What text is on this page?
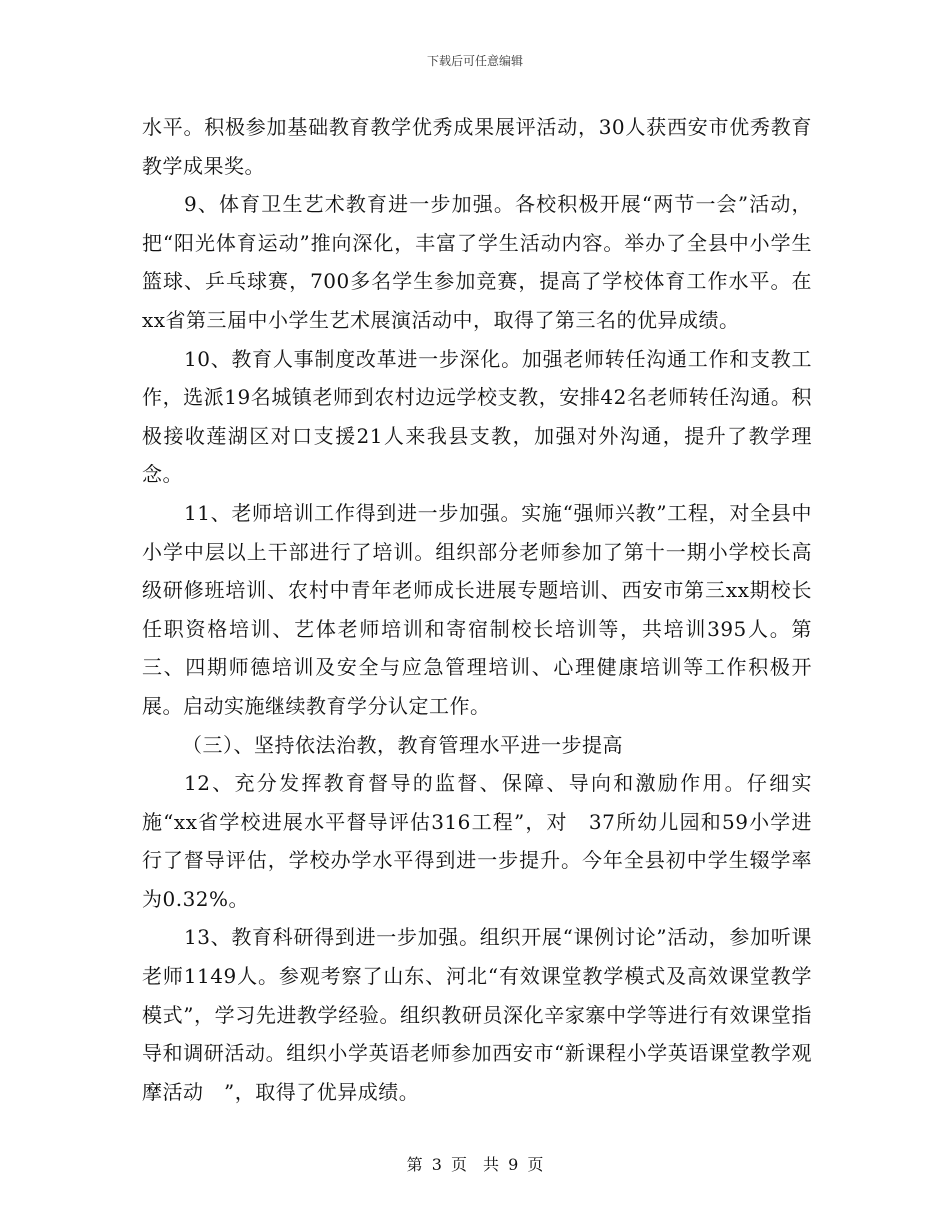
下载后可任意编辑

水平。积极参加基础教育教学优秀成果展评活动，30人获西安市优秀教育教学成果奖。

9、体育卫生艺术教育进一步加强。各校积极开展“两节一会”活动，把“阳光体育运动”推向深化，丰富了学生活动内容。举办了全县中小学生篮球、乒乓球赛，700多名学生参加竞赛，提高了学校体育工作水平。在xx省第三届中小学生艺术展演活动中，取得了第三名的优异成绩。

10、教育人事制度改革进一步深化。加强老师转任沟通工作和支教工作，选派19名城镇老师到农村边远学校支教，安排42名老师转任沟通。积极接收莲湖区对口支援21人来我县支教，加强对外沟通，提升了教学理念。

11、老师培训工作得到进一步加强。实施“强师兴教”工程，对全县中小学中层以上干部进行了培训。组织部分老师参加了第十一期小学校长高级研修班培训、农村中青年老师成长进展专题培训、西安市第三xx期校长任职资格培训、艺体老师培训和寄宿制校长培训等，共培训395人。第三、四期师德培训及安全与应急管理培训、心理健康培训等工作积极开展。启动实施继续教育学分认定工作。

（三）、坚持依法治教，教育管理水平进一步提高

12、充分发挥教育督导的监督、保障、导向和激励作用。仔细实施“xx省学校进展水平督导评估316工程”，对　37所幼儿园和59小学进行了督导评估，学校办学水平得到进一步提升。今年全县初中学生辍学率为0.32%。

13、教育科研得到进一步加强。组织开展“课例讨论”活动，参加听课老师1149人。参观考察了山东、河北“有效课堂教学模式及高效课堂教学模式”，学习先进教学经验。组织教研员深化辛家寨中学等进行有效课堂指导和调研活动。组织小学英语老师参加西安市“新课程小学英语课堂教学观摩活动　”，取得了优异成绩。

第 3 页　共 9 页
